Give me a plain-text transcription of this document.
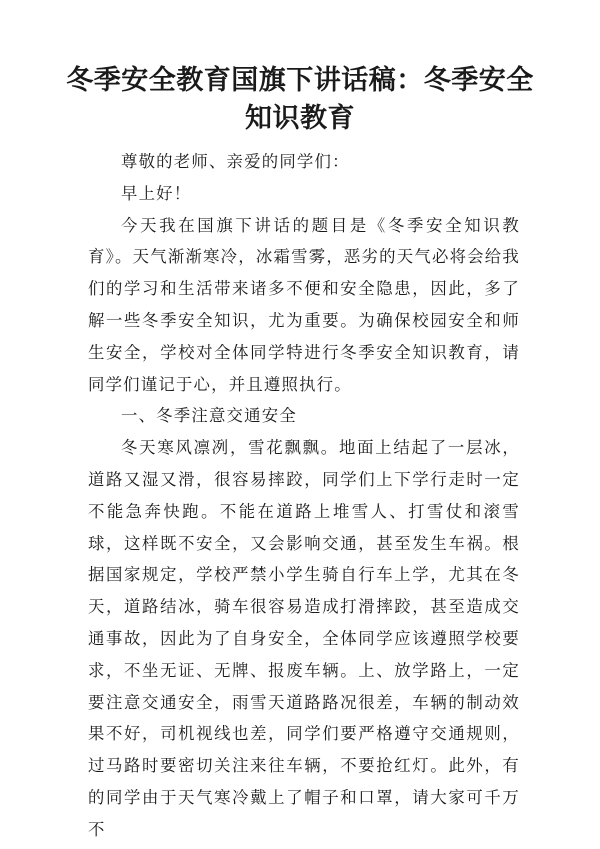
冬季安全教育国旗下讲话稿：冬季安全知识教育

尊敬的老师、亲爱的同学们：

早上好！

今天我在国旗下讲话的题目是《冬季安全知识教育》。天气渐渐寒冷，冰霜雪雾，恶劣的天气必将会给我们的学习和生活带来诸多不便和安全隐患，因此，多了解一些冬季安全知识，尤为重要。为确保校园安全和师生安全，学校对全体同学特进行冬季安全知识教育，请同学们谨记于心，并且遵照执行。

一、冬季注意交通安全

冬天寒风凛冽，雪花飘飘。地面上结起了一层冰，道路又湿又滑，很容易摔跤，同学们上下学行走时一定不能急奔快跑。不能在道路上堆雪人、打雪仗和滚雪球，这样既不安全，又会影响交通，甚至发生车祸。根据国家规定，学校严禁小学生骑自行车上学，尤其在冬天，道路结冰，骑车很容易造成打滑摔跤，甚至造成交通事故，因此为了自身安全，全体同学应该遵照学校要求，不坐无证、无牌、报废车辆。上、放学路上，一定要注意交通安全，雨雪天道路路况很差，车辆的制动效果不好，司机视线也差，同学们要严格遵守交通规则，过马路时要密切关注来往车辆，不要抢红灯。此外，有的同学由于天气寒冷戴上了帽子和口罩，请大家可千万不
